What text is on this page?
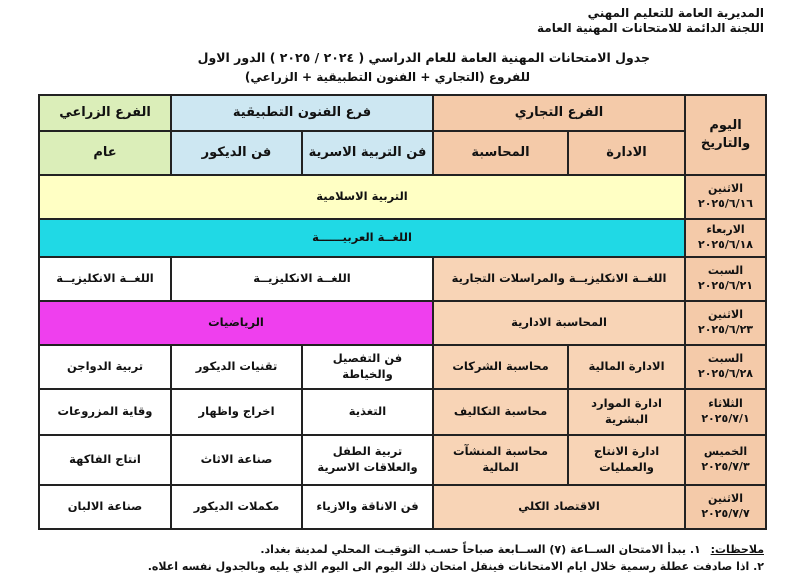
المديرية العامة للتعليم المهني
اللجنة الدائمة للامتحانات المهنية العامة
جدول الامتحانات المهنية العامة للعام الدراسي ( ٢٠٢٤ / ٢٠٢٥ ) الدور الاول
للفروع (التجاري + الفنون التطبيقية + الزراعي)
اليوم والتاريخ	الفرع التجاري		فرع الفنون التطبيقية		الفرع الزراعي
	الادارة	المحاسبة	فن التربية الاسرية	فن الديكور	عام
الاثنين
٢٠٢٥/٦/١٦	التربية الاسلامية				
الاربعاء
٢٠٢٥/٦/١٨	اللغــة العربيــــــة				
السبت
٢٠٢٥/٦/٢١	اللغــة الانكليزيــة والمراسلات التجارية		اللغــة الانكليزيــة		اللغــة الانكليزيــة
الاثنين
٢٠٢٥/٦/٢٣	المحاسبة الادارية		الرياضيات		
السبت
٢٠٢٥/٦/٢٨	الادارة المالية	محاسبة الشركات	فن التفصيل والخياطة	تقنيات الديكور	تربية الدواجن
الثلاثاء
٢٠٢٥/٧/١	ادارة الموارد البشرية	محاسبة التكاليف	التغذية	اخراج واظهار	وقاية المزروعات
الخميس
٢٠٢٥/٧/٣	ادارة الانتاج والعمليات	محاسبة المنشآت المالية	تربية الطفل والعلاقات الاسرية	صناعة الاثاث	انتاج الفاكهة
الاثنين
٢٠٢٥/٧/٧	الاقتصاد الكلي		فن الاناقة والازياء	مكملات الديكور	صناعة الالبان
ملاحظات: ١. يبدأ الامتحان الســاعة (٧) الســابعة صباحاً حسـب التوقيـت المحلي لمدينة بغداد.
٢. اذا صادفت عطلة رسمية خلال ايام الامتحانات فينقل امتحان ذلك اليوم الى اليوم الذي يليه وبالجدول نفسه اعلاه.
